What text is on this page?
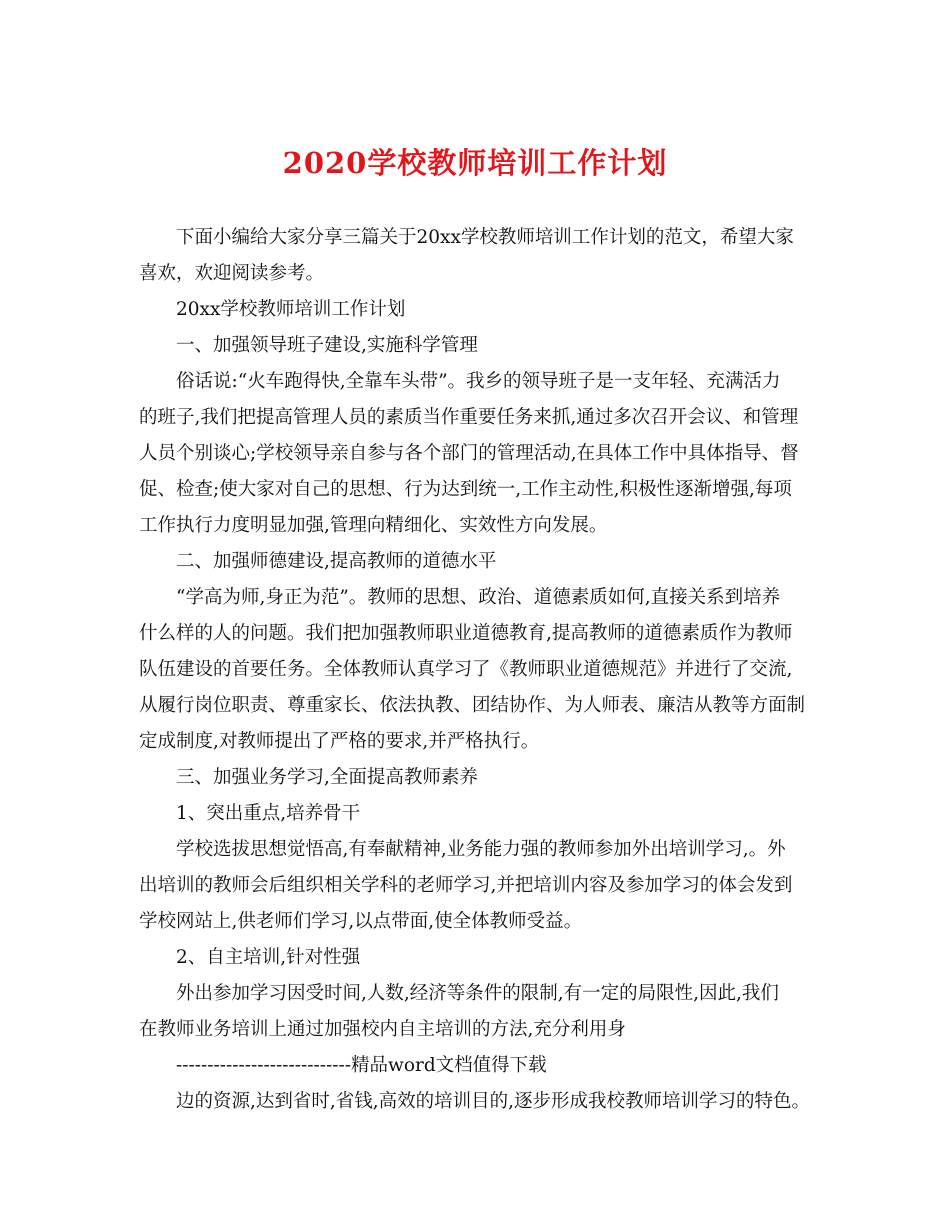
2020学校教师培训工作计划
下面小编给大家分享三篇关于20xx学校教师培训工作计划的范文，希望大家
喜欢，欢迎阅读参考。
20xx学校教师培训工作计划
一、加强领导班子建设,实施科学管理
俗话说:“火车跑得快,全靠车头带”。我乡的领导班子是一支年轻、充满活力
的班子,我们把提高管理人员的素质当作重要任务来抓,通过多次召开会议、和管理
人员个别谈心;学校领导亲自参与各个部门的管理活动,在具体工作中具体指导、督
促、检查;使大家对自己的思想、行为达到统一,工作主动性,积极性逐渐增强,每项
工作执行力度明显加强,管理向精细化、实效性方向发展。
二、加强师德建设,提高教师的道德水平
“学高为师,身正为范”。教师的思想、政治、道德素质如何,直接关系到培养
什么样的人的问题。我们把加强教师职业道德教育,提高教师的道德素质作为教师
队伍建设的首要任务。全体教师认真学习了《教师职业道德规范》并进行了交流,
从履行岗位职责、尊重家长、依法执教、团结协作、为人师表、廉洁从教等方面制
定成制度,对教师提出了严格的要求,并严格执行。
三、加强业务学习,全面提高教师素养
1、突出重点,培养骨干
学校选拔思想觉悟高,有奉献精神,业务能力强的教师参加外出培训学习,。外
出培训的教师会后组织相关学科的老师学习,并把培训内容及参加学习的体会发到
学校网站上,供老师们学习,以点带面,使全体教师受益。
2、自主培训,针对性强
外出参加学习因受时间,人数,经济等条件的限制,有一定的局限性,因此,我们
在教师业务培训上通过加强校内自主培训的方法,充分利用身
----------------------------精品word文档值得下载
边的资源,达到省时,省钱,高效的培训目的,逐步形成我校教师培训学习的特色。
